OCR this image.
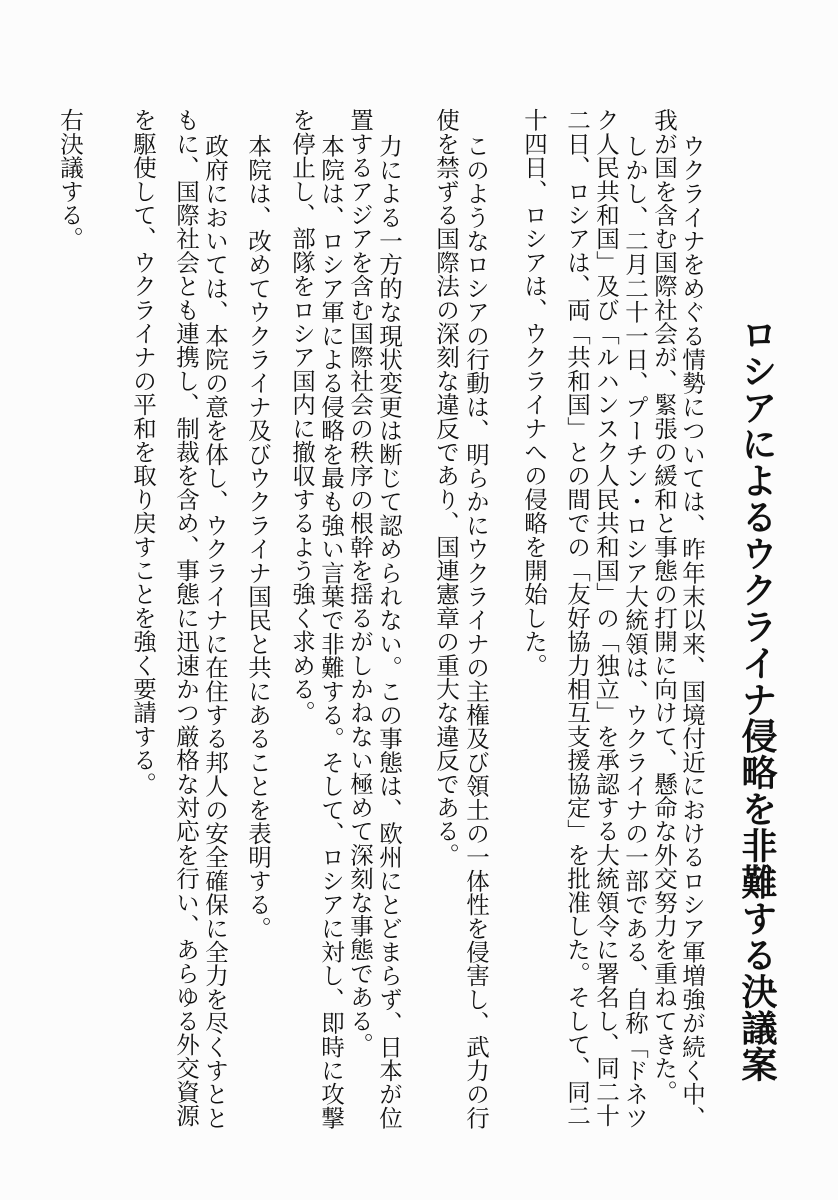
ロシアによるウクライナ侵略を非難する決議案
ウクライナをめぐる情勢については、昨年末以来、国境付近におけるロシア軍増強が続く中、
我が国を含む国際社会が、緊張の緩和と事態の打開に向けて、懸命な外交努力を重ねてきた。
しかし、二月二十一日、プーチン・ロシア大統領は、ウクライナの一部である、自称「ドネツ
ク人民共和国」及び「ルハンスク人民共和国」の「独立」を承認する大統領令に署名し、同二十
二日、ロシアは、両「共和国」との間での「友好協力相互支援協定」を批准した。そして、同二
十四日、ロシアは、ウクライナへの侵略を開始した。
このようなロシアの行動は、明らかにウクライナの主権及び領土の一体性を侵害し、武力の行
使を禁ずる国際法の深刻な違反であり、国連憲章の重大な違反である。
力による一方的な現状変更は断じて認められない。この事態は、欧州にとどまらず、日本が位
置するアジアを含む国際社会の秩序の根幹を揺るがしかねない極めて深刻な事態である。
本院は、ロシア軍による侵略を最も強い言葉で非難する。そして、ロシアに対し、即時に攻撃
を停止し、部隊をロシア国内に撤収するよう強く求める。
本院は、改めてウクライナ及びウクライナ国民と共にあることを表明する。
政府においては、本院の意を体し、ウクライナに在住する邦人の安全確保に全力を尽くすとと
もに、国際社会とも連携し、制裁を含め、事態に迅速かつ厳格な対応を行い、あらゆる外交資源
を駆使して、ウクライナの平和を取り戻すことを強く要請する。
右決議する。
